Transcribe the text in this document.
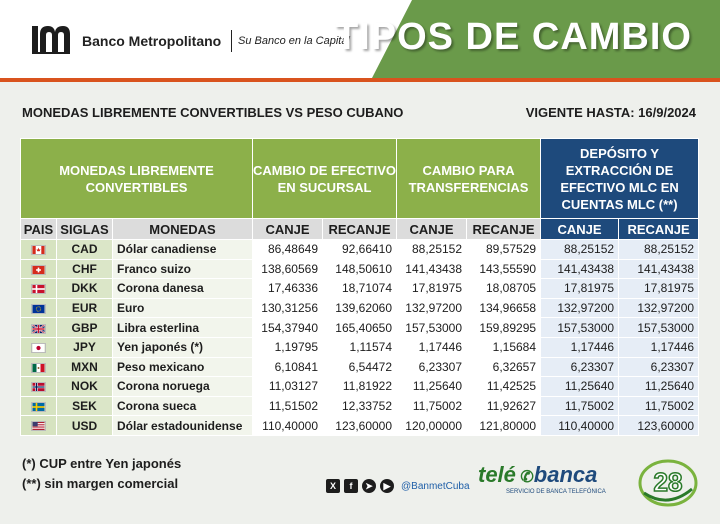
Banco Metropolitano Su Banco en la Capital
TIPOS DE CAMBIO
MONEDAS LIBREMENTE CONVERTIBLES VS PESO CUBANO	VIGENTE HASTA: 16/9/2024
MONEDAS LIBREMENTE CONVERTIBLES			CAMBIO DE EFECTIVO EN SUCURSAL		CAMBIO PARA TRANSFERENCIAS		DEPÓSITO Y EXTRACCIÓN DE EFECTIVO MLC EN CUENTAS MLC (**)	
PAIS	SIGLAS	MONEDAS	CANJE	RECANJE	CANJE	RECANJE	CANJE	RECANJE
	CAD	Dólar canadiense	86,48649	92,66410	88,25152	89,57529	88,25152	88,25152
	CHF	Franco suizo	138,60569	148,50610	141,43438	143,55590	141,43438	141,43438
	DKK	Corona danesa	17,46336	18,71074	17,81975	18,08705	17,81975	17,81975
	EUR	Euro	130,31256	139,62060	132,97200	134,96658	132,97200	132,97200
	GBP	Libra esterlina	154,37940	165,40650	157,53000	159,89295	157,53000	157,53000
	JPY	Yen japonés (*)	1,19795	1,11574	1,17446	1,15684	1,17446	1,17446
	MXN	Peso mexicano	6,10841	6,54472	6,23307	6,32657	6,23307	6,23307
	NOK	Corona noruega	11,03127	11,81922	11,25640	11,42525	11,25640	11,25640
	SEK	Corona sueca	11,51502	12,33752	11,75002	11,92627	11,75002	11,75002
	USD	Dólar estadounidense	110,40000	123,60000	120,00000	121,80000	110,40000	123,60000
(*) CUP entre Yen japonés
(**) sin margen comercial	X	f	➤	▶	@BanmetCuba telé ✆banca
SERVICIO DE BANCA TELEFÓNICA 28
